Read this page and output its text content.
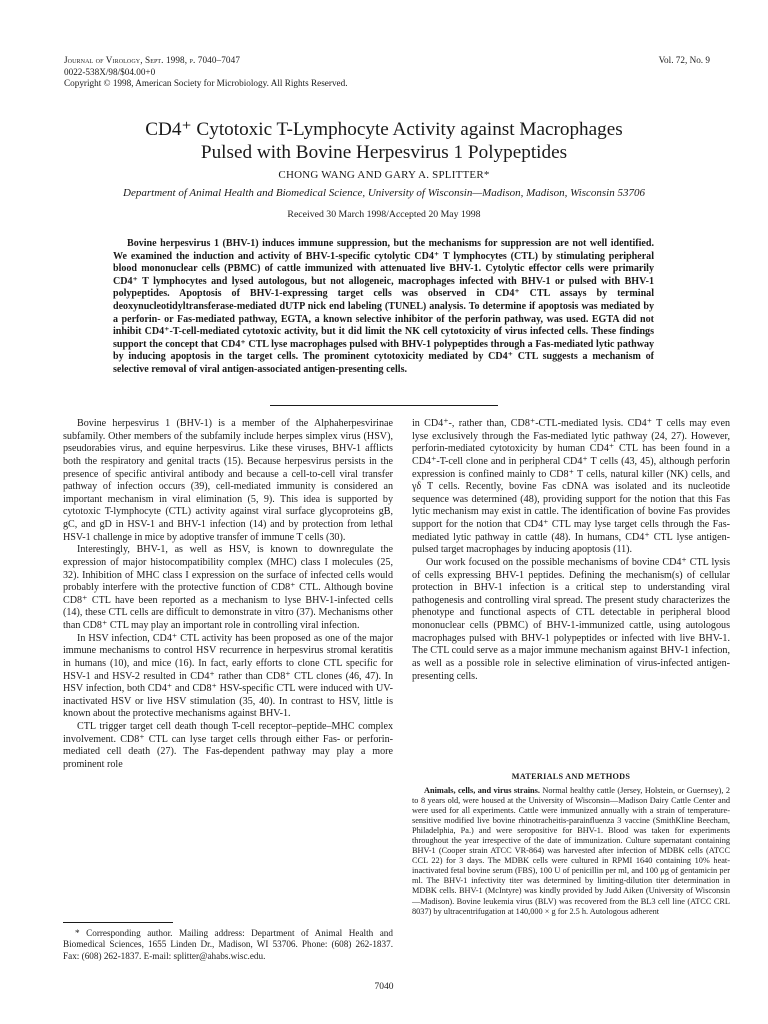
Journal of Virology, Sept. 1998, p. 7040–7047
0022-538X/98/$04.00+0
Copyright © 1998, American Society for Microbiology. All Rights Reserved.
Vol. 72, No. 9
CD4⁺ Cytotoxic T-Lymphocyte Activity against Macrophages
Pulsed with Bovine Herpesvirus 1 Polypeptides
CHONG WANG AND GARY A. SPLITTER*
Department of Animal Health and Biomedical Science, University of Wisconsin—Madison, Madison, Wisconsin 53706
Received 30 March 1998/Accepted 20 May 1998
Bovine herpesvirus 1 (BHV-1) induces immune suppression, but the mechanisms for suppression are not well identified. We examined the induction and activity of BHV-1-specific cytolytic CD4⁺ T lymphocytes (CTL) by stimulating peripheral blood mononuclear cells (PBMC) of cattle immunized with attenuated live BHV-1. Cytolytic effector cells were primarily CD4⁺ T lymphocytes and lysed autologous, but not allogeneic, macrophages infected with BHV-1 or pulsed with BHV-1 polypeptides. Apoptosis of BHV-1-expressing target cells was observed in CD4⁺ CTL assays by terminal deoxynucleotidyltransferase-mediated dUTP nick end labeling (TUNEL) analysis. To determine if apoptosis was mediated by a perforin- or Fas-mediated pathway, EGTA, a known selective inhibitor of the perforin pathway, was used. EGTA did not inhibit CD4⁺-T-cell-mediated cytotoxic activity, but it did limit the NK cell cytotoxicity of virus infected cells. These findings support the concept that CD4⁺ CTL lyse macrophages pulsed with BHV-1 polypeptides through a Fas-mediated lytic pathway by inducing apoptosis in the target cells. The prominent cytotoxicity mediated by CD4⁺ CTL suggests a mechanism of selective removal of viral antigen-associated antigen-presenting cells.

Bovine herpesvirus 1 (BHV-1) is a member of the Alphaherpesvirinae subfamily. Other members of the subfamily include herpes simplex virus (HSV), pseudorabies virus, and equine herpesvirus. Like these viruses, BHV-1 afflicts both the respiratory and genital tracts (15). Because herpesvirus persists in the presence of specific antiviral antibody and because a cell-to-cell viral transfer pathway of infection occurs (39), cell-mediated immunity is considered an important mechanism in viral elimination (5, 9). This idea is supported by cytotoxic T-lymphocyte (CTL) activity against viral surface glycoproteins gB, gC, and gD in HSV-1 and BHV-1 infection (14) and by protection from lethal HSV-1 challenge in mice by adoptive transfer of immune T cells (30).

Interestingly, BHV-1, as well as HSV, is known to downregulate the expression of major histocompatibility complex (MHC) class I molecules (25, 32). Inhibition of MHC class I expression on the surface of infected cells would probably interfere with the protective function of CD8⁺ CTL. Although bovine CD8⁺ CTL have been reported as a mechanism to lyse BHV-1-infected cells (14), these CTL cells are difficult to demonstrate in vitro (37). Mechanisms other than CD8⁺ CTL may play an important role in controlling viral infection.

In HSV infection, CD4⁺ CTL activity has been proposed as one of the major immune mechanisms to control HSV recurrence in herpesvirus stromal keratitis in humans (10), and mice (16). In fact, early efforts to clone CTL specific for HSV-1 and HSV-2 resulted in CD4⁺ rather than CD8⁺ CTL clones (46, 47). In HSV infection, both CD4⁺ and CD8⁺ HSV-specific CTL were induced with UV-inactivated HSV or live HSV stimulation (35, 40). In contrast to HSV, little is known about the protective mechanisms against BHV-1.

CTL trigger target cell death though T-cell receptor–peptide–MHC complex involvement. CD8⁺ CTL can lyse target cells through either Fas- or perforin-mediated cell death (27). The Fas-dependent pathway may play a more prominent role

in CD4⁺-, rather than, CD8⁺-CTL-mediated lysis. CD4⁺ T cells may even lyse exclusively through the Fas-mediated lytic pathway (24, 27). However, perforin-mediated cytotoxicity by human CD4⁺ CTL has been found in a CD4⁺-T-cell clone and in peripheral CD4⁺ T cells (43, 45), although perforin expression is confined mainly to CD8⁺ T cells, natural killer (NK) cells, and γδ T cells. Recently, bovine Fas cDNA was isolated and its nucleotide sequence was determined (48), providing support for the notion that this Fas lytic mechanism may exist in cattle. The identification of bovine Fas provides support for the notion that CD4⁺ CTL may lyse target cells through the Fas-mediated lytic pathway in cattle (48). In humans, CD4⁺ CTL lyse antigen-pulsed target macrophages by inducing apoptosis (11).

Our work focused on the possible mechanisms of bovine CD4⁺ CTL lysis of cells expressing BHV-1 peptides. Defining the mechanism(s) of cellular protection in BHV-1 infection is a critical step to understanding viral pathogenesis and controlling viral spread. The present study characterizes the phenotype and functional aspects of CTL detectable in peripheral blood mononuclear cells (PBMC) of BHV-1-immunized cattle, using autologous macrophages pulsed with BHV-1 polypeptides or infected with live BHV-1. The CTL could serve as a major immune mechanism against BHV-1 infection, as well as a possible role in selective elimination of virus-infected antigen-presenting cells.

MATERIALS AND METHODS
Animals, cells, and virus strains. Normal healthy cattle (Jersey, Holstein, or Guernsey), 2 to 8 years old, were housed at the University of Wisconsin—Madison Dairy Cattle Center and were used for all experiments. Cattle were immunized annually with a strain of temperature-sensitive modified live bovine rhinotracheitis-parainfluenza 3 vaccine (SmithKline Beecham, Philadelphia, Pa.) and were seropositive for BHV-1. Blood was taken for experiments throughout the year irrespective of the date of immunization. Culture supernatant containing BHV-1 (Cooper strain ATCC VR-864) was harvested after infection of MDBK cells (ATCC CCL 22) for 3 days. The MDBK cells were cultured in RPMI 1640 containing 10% heat-inactivated fetal bovine serum (FBS), 100 U of penicillin per ml, and 100 μg of gentamicin per ml. The BHV-1 infectivity titer was determined by limiting-dilution titer determination in MDBK cells. BHV-1 (McIntyre) was kindly provided by Judd Aiken (University of Wisconsin—Madison). Bovine leukemia virus (BLV) was recovered from the BL3 cell line (ATCC CRL 8037) by ultracentrifugation at 140,000 × g for 2.5 h. Autologous adherent
* Corresponding author. Mailing address: Department of Animal Health and Biomedical Sciences, 1655 Linden Dr., Madison, WI 53706. Phone: (608) 262-1837. Fax: (608) 262-1837. E-mail: splitter@ahabs.wisc.edu.
7040
